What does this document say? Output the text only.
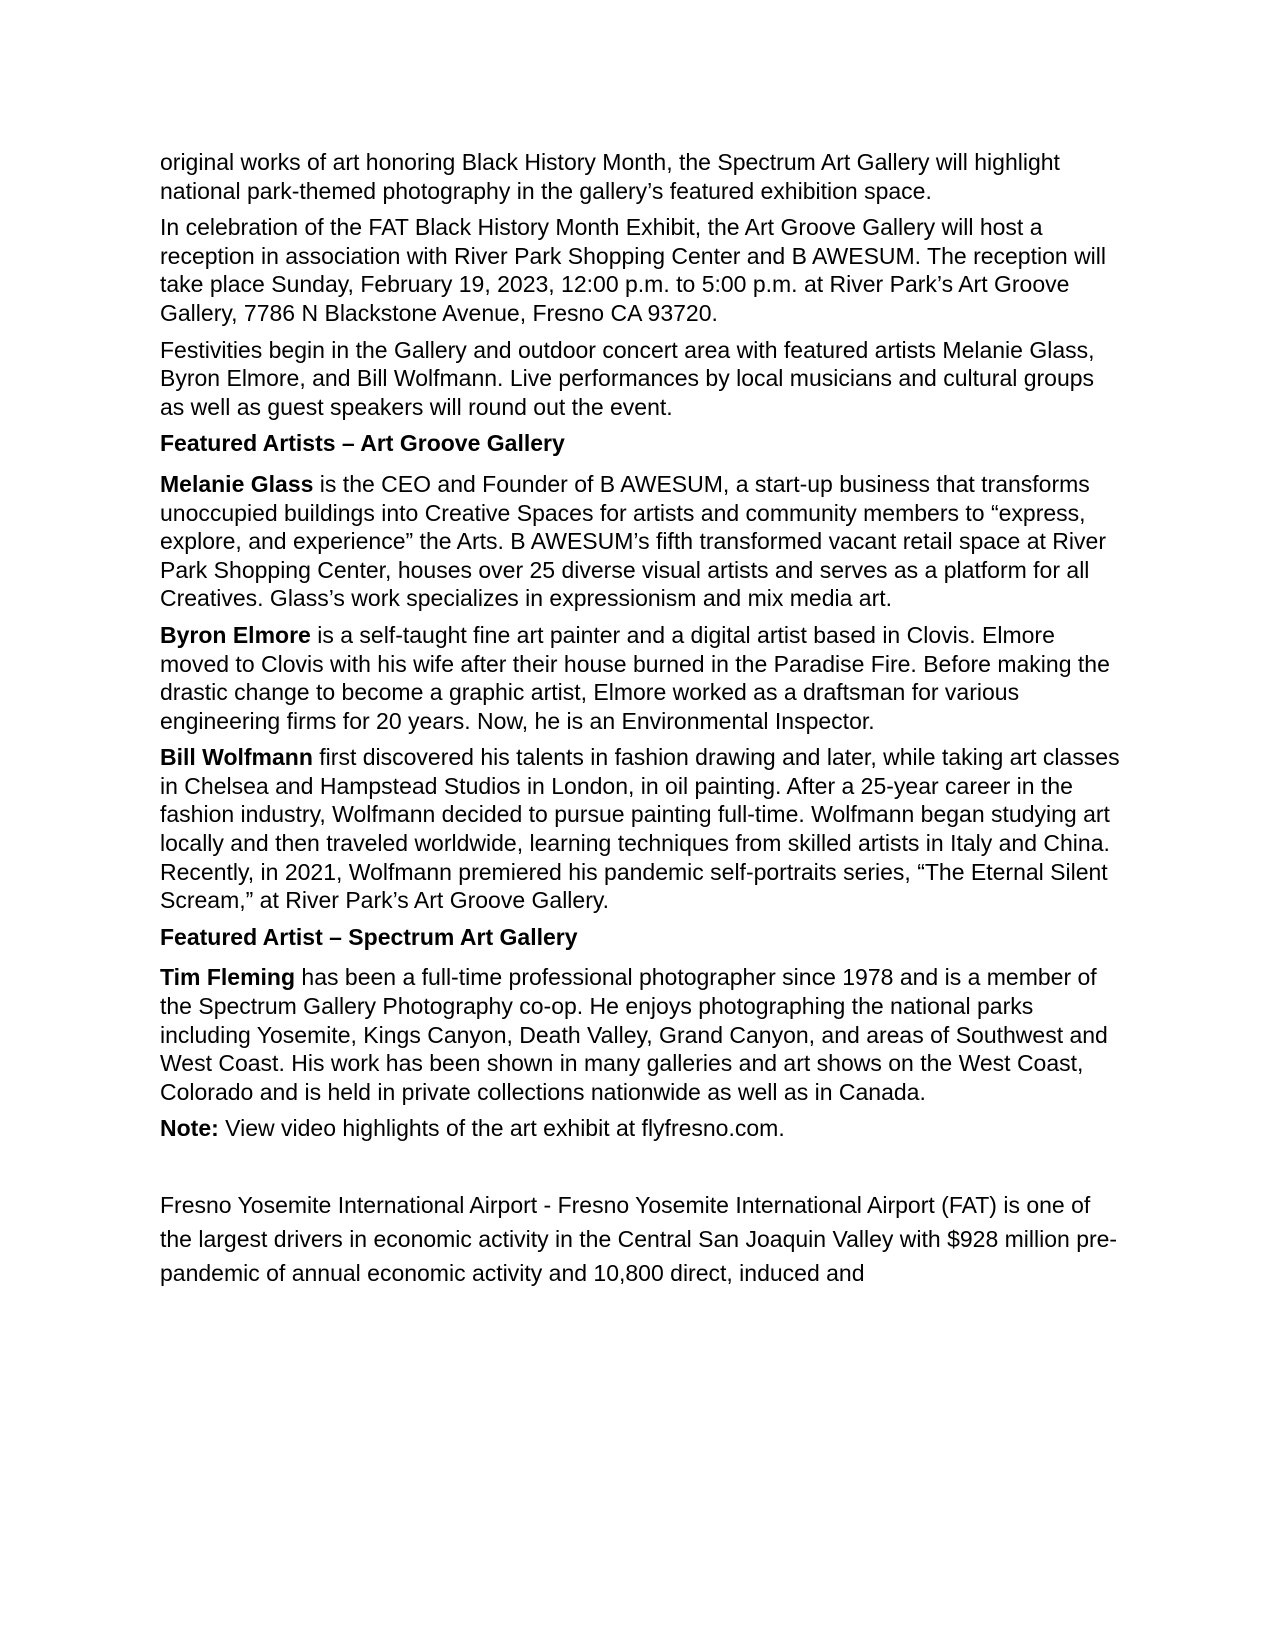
original works of art honoring Black History Month, the Spectrum Art Gallery will highlight national park-themed photography in the gallery’s featured exhibition space.

In celebration of the FAT Black History Month Exhibit, the Art Groove Gallery will host a reception in association with River Park Shopping Center and B AWESUM. The reception will take place Sunday, February 19, 2023, 12:00 p.m. to 5:00 p.m. at River Park’s Art Groove Gallery, 7786 N Blackstone Avenue, Fresno CA 93720.

Festivities begin in the Gallery and outdoor concert area with featured artists Melanie Glass, Byron Elmore, and Bill Wolfmann. Live performances by local musicians and cultural groups as well as guest speakers will round out the event.

Featured Artists – Art Groove Gallery

Melanie Glass is the CEO and Founder of B AWESUM, a start-up business that transforms unoccupied buildings into Creative Spaces for artists and community members to “express, explore, and experience” the Arts. B AWESUM’s fifth transformed vacant retail space at River Park Shopping Center, houses over 25 diverse visual artists and serves as a platform for all Creatives. Glass’s work specializes in expressionism and mix media art.

Byron Elmore is a self-taught fine art painter and a digital artist based in Clovis. Elmore moved to Clovis with his wife after their house burned in the Paradise Fire. Before making the drastic change to become a graphic artist, Elmore worked as a draftsman for various engineering firms for 20 years. Now, he is an Environmental Inspector.

Bill Wolfmann first discovered his talents in fashion drawing and later, while taking art classes in Chelsea and Hampstead Studios in London, in oil painting. After a 25-year career in the fashion industry, Wolfmann decided to pursue painting full-time. Wolfmann began studying art locally and then traveled worldwide, learning techniques from skilled artists in Italy and China. Recently, in 2021, Wolfmann premiered his pandemic self-portraits series, “The Eternal Silent Scream,” at River Park’s Art Groove Gallery.

Featured Artist – Spectrum Art Gallery

Tim Fleming has been a full-time professional photographer since 1978 and is a member of the Spectrum Gallery Photography co-op. He enjoys photographing the national parks including Yosemite, Kings Canyon, Death Valley, Grand Canyon, and areas of Southwest and West Coast. His work has been shown in many galleries and art shows on the West Coast, Colorado and is held in private collections nationwide as well as in Canada.

Note: View video highlights of the art exhibit at flyfresno.com.

Fresno Yosemite International Airport - Fresno Yosemite International Airport (FAT) is one of the largest drivers in economic activity in the Central San Joaquin Valley with $928 million pre-pandemic of annual economic activity and 10,800 direct, induced and
